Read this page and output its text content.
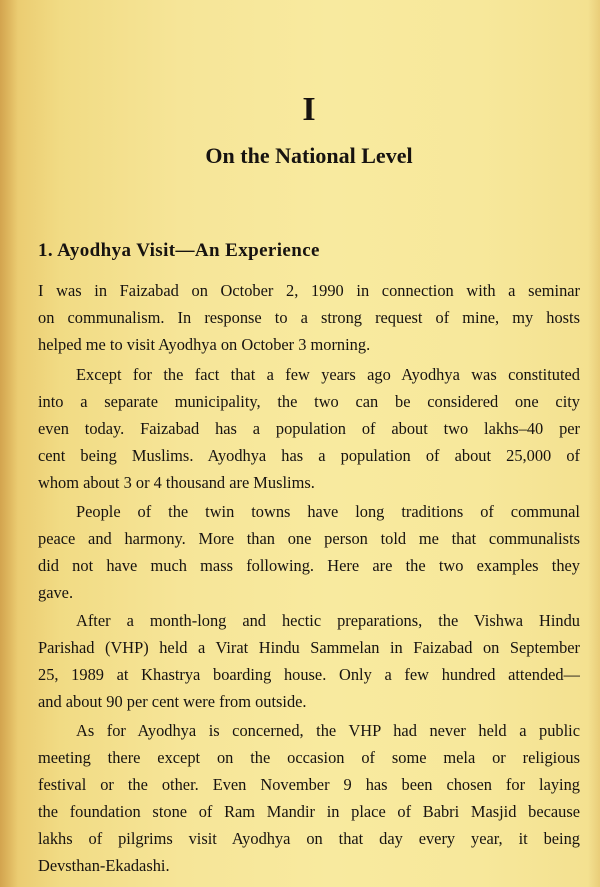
I
On the National Level
1. Ayodhya Visit—An Experience
I was in Faizabad on October 2, 1990 in connection with a seminar
on communalism. In response to a strong request of mine, my hosts
helped me to visit Ayodhya on October 3 morning.
Except for the fact that a few years ago Ayodhya was constituted
into a separate municipality, the two can be considered one city
even today. Faizabad has a population of about two lakhs–40 per
cent being Muslims. Ayodhya has a population of about 25,000 of
whom about 3 or 4 thousand are Muslims.
People of the twin towns have long traditions of communal
peace and harmony. More than one person told me that communalists
did not have much mass following. Here are the two examples they
gave.
After a month-long and hectic preparations, the Vishwa Hindu
Parishad (VHP) held a Virat Hindu Sammelan in Faizabad on September
25, 1989 at Khastrya boarding house. Only a few hundred attended—
and about 90 per cent were from outside.
As for Ayodhya is concerned, the VHP had never held a public
meeting there except on the occasion of some mela or religious
festival or the other. Even November 9 has been chosen for laying
the foundation stone of Ram Mandir in place of Babri Masjid because
lakhs of pilgrims visit Ayodhya on that day every year, it being
Devsthan-Ekadashi.
